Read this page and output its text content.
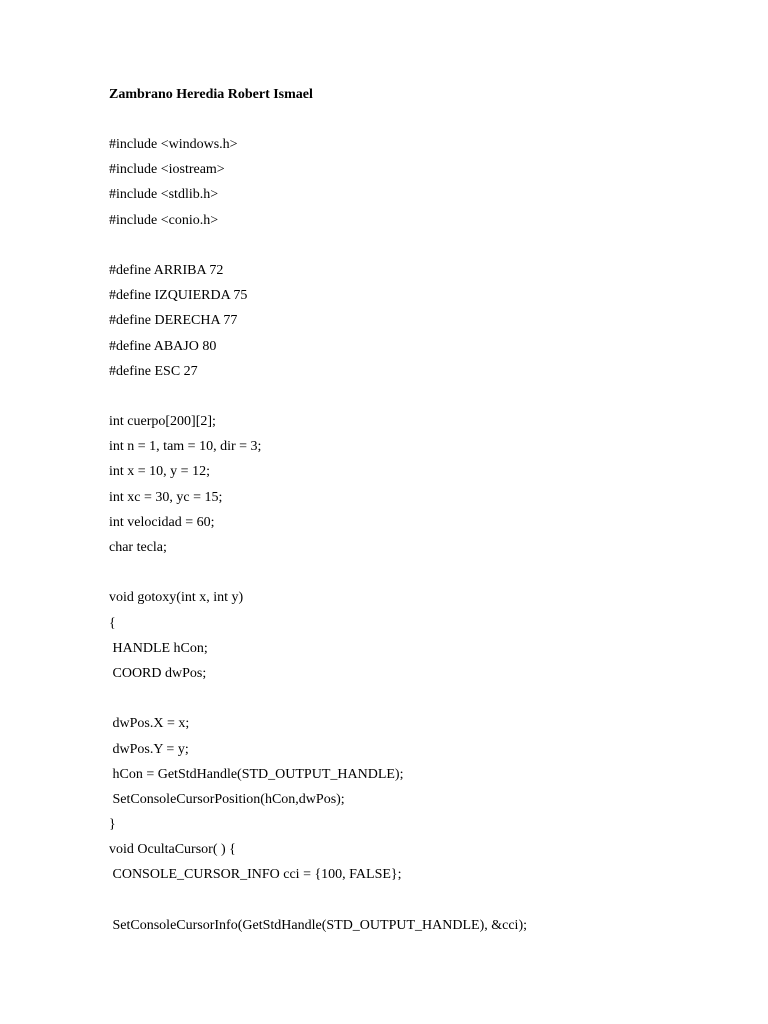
Zambrano Heredia Robert Ismael
#include <windows.h>
#include <iostream>
#include <stdlib.h>
#include <conio.h>
#define ARRIBA 72
#define IZQUIERDA 75
#define DERECHA 77
#define ABAJO 80
#define ESC 27
int cuerpo[200][2];
int n = 1, tam = 10, dir = 3;
int x = 10, y = 12;
int xc = 30, yc = 15;
int velocidad = 60;
char tecla;
void gotoxy(int x, int y)
{
HANDLE hCon;
COORD dwPos;
dwPos.X = x;
dwPos.Y = y;
hCon = GetStdHandle(STD_OUTPUT_HANDLE);
SetConsoleCursorPosition(hCon,dwPos);
}
void OcultaCursor( ) {
CONSOLE_CURSOR_INFO cci = {100, FALSE};
SetConsoleCursorInfo(GetStdHandle(STD_OUTPUT_HANDLE), &cci);
